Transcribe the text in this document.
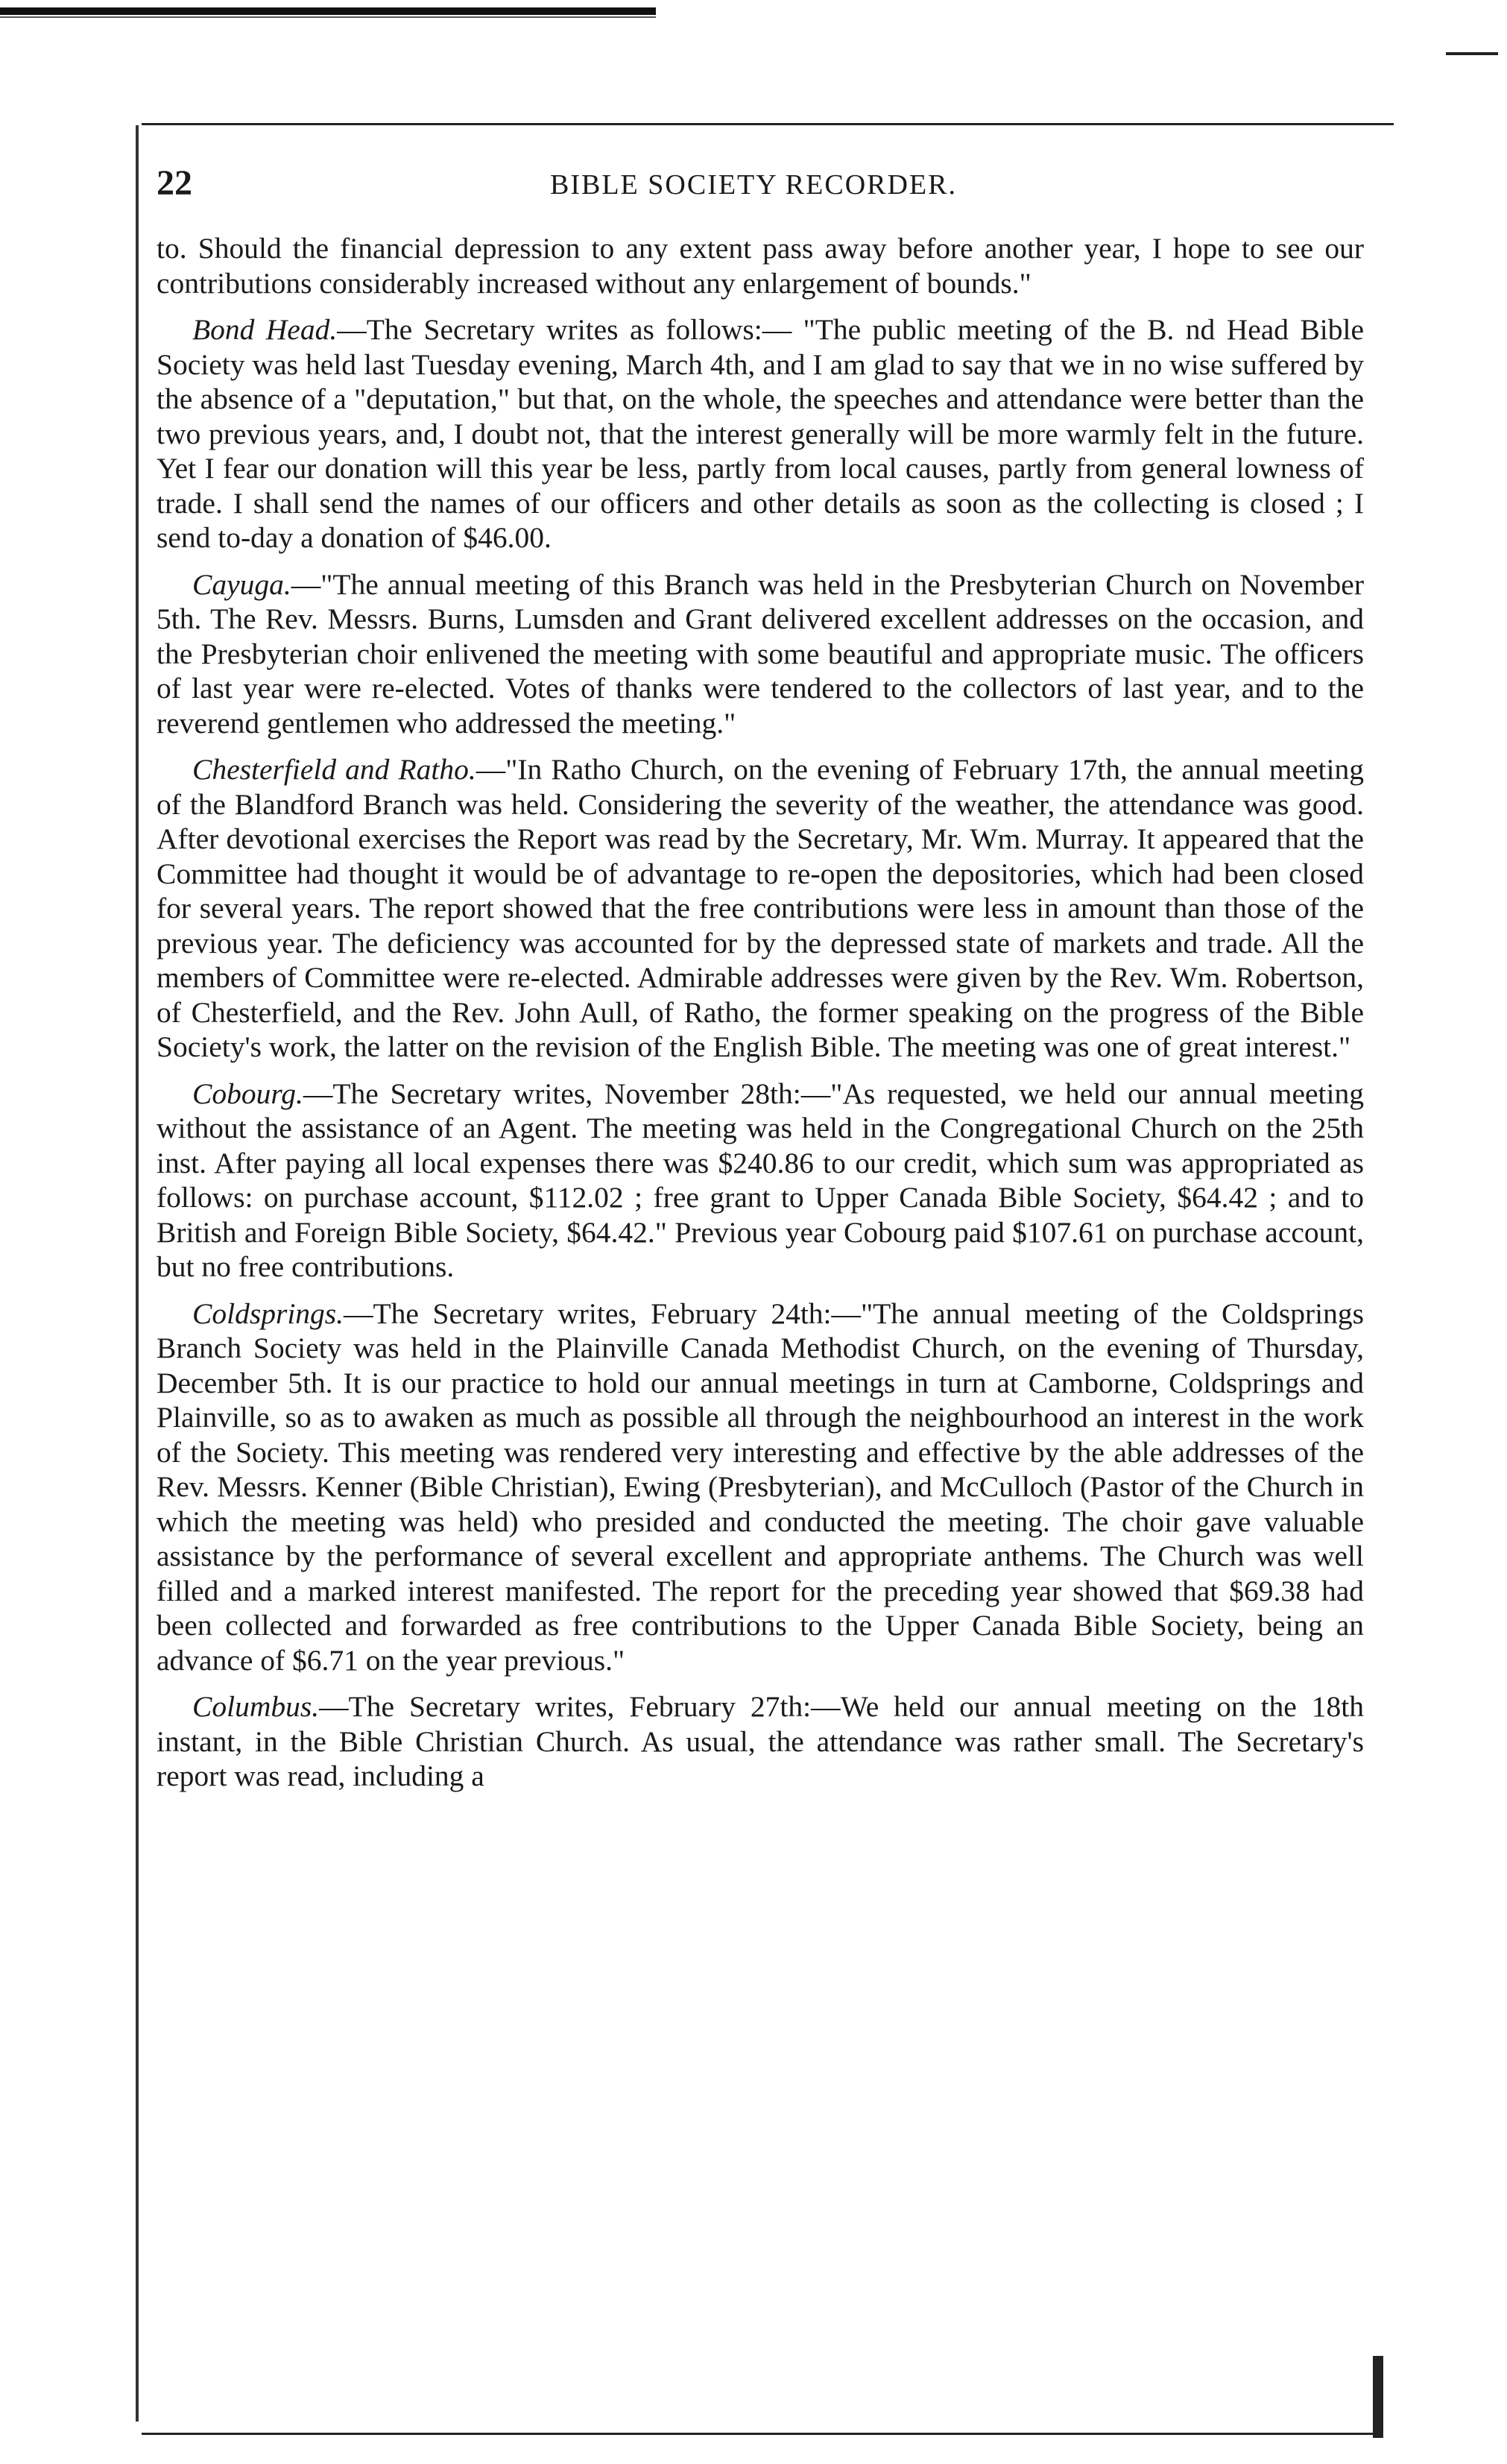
22	BIBLE SOCIETY RECORDER.

to. Should the financial depression to any extent pass away before another year, I hope to see our contributions considerably increased without any enlargement of bounds."

Bond Head.—The Secretary writes as follows:— "The public meeting of the B. nd Head Bible Society was held last Tuesday evening, March 4th, and I am glad to say that we in no wise suffered by the absence of a "deputation," but that, on the whole, the speeches and attendance were better than the two previous years, and, I doubt not, that the interest generally will be more warmly felt in the future. Yet I fear our donation will this year be less, partly from local causes, partly from general lowness of trade. I shall send the names of our officers and other details as soon as the collecting is closed ; I send to-day a donation of $46.00.

Cayuga.—"The annual meeting of this Branch was held in the Presbyterian Church on November 5th. The Rev. Messrs. Burns, Lumsden and Grant delivered excellent addresses on the occasion, and the Presbyterian choir enlivened the meeting with some beautiful and appropriate music. The officers of last year were re-elected. Votes of thanks were tendered to the collectors of last year, and to the reverend gentlemen who addressed the meeting."

Chesterfield and Ratho.—"In Ratho Church, on the evening of February 17th, the annual meeting of the Blandford Branch was held. Considering the severity of the weather, the attendance was good. After devotional exercises the Report was read by the Secretary, Mr. Wm. Murray. It appeared that the Committee had thought it would be of advantage to re-open the depositories, which had been closed for several years. The report showed that the free contributions were less in amount than those of the previous year. The deficiency was accounted for by the depressed state of markets and trade. All the members of Committee were re-elected. Admirable addresses were given by the Rev. Wm. Robertson, of Chesterfield, and the Rev. John Aull, of Ratho, the former speaking on the progress of the Bible Society's work, the latter on the revision of the English Bible. The meeting was one of great interest."

Cobourg.—The Secretary writes, November 28th:—"As requested, we held our annual meeting without the assistance of an Agent. The meeting was held in the Congregational Church on the 25th inst. After paying all local expenses there was $240.86 to our credit, which sum was appropriated as follows: on purchase account, $112.02 ; free grant to Upper Canada Bible Society, $64.42 ; and to British and Foreign Bible Society, $64.42." Previous year Cobourg paid $107.61 on purchase account, but no free contributions.

Coldsprings.—The Secretary writes, February 24th:—"The annual meeting of the Coldsprings Branch Society was held in the Plainville Canada Methodist Church, on the evening of Thursday, December 5th. It is our practice to hold our annual meetings in turn at Camborne, Coldsprings and Plainville, so as to awaken as much as possible all through the neighbourhood an interest in the work of the Society. This meeting was rendered very interesting and effective by the able addresses of the Rev. Messrs. Kenner (Bible Christian), Ewing (Presbyterian), and McCulloch (Pastor of the Church in which the meeting was held) who presided and conducted the meeting. The choir gave valuable assistance by the performance of several excellent and appropriate anthems. The Church was well filled and a marked interest manifested. The report for the preceding year showed that $69.38 had been collected and forwarded as free contributions to the Upper Canada Bible Society, being an advance of $6.71 on the year previous."

Columbus.—The Secretary writes, February 27th:—We held our annual meeting on the 18th instant, in the Bible Christian Church. As usual, the attendance was rather small. The Secretary's report was read, including a
